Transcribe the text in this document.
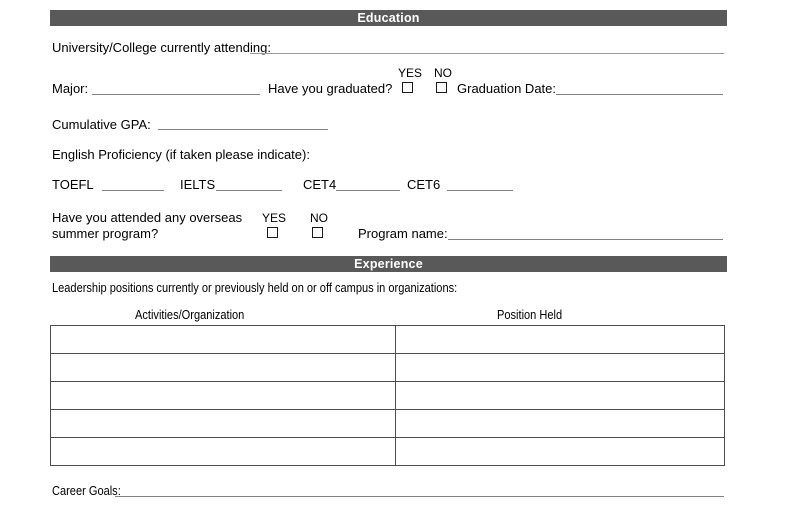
Education
University/College currently attending:
Major:	Have you graduated?
YES NO
Graduation Date:
Cumulative GPA:
English Proficiency (if taken please indicate):
TOEFL	IELTS	CET4	CET6
Have you attended any overseas
summer program?
YES NO
Program name:
Experience
Leadership positions currently or previously held on or off campus in organizations:
Activities/Organization	Position Held

Career Goals:
